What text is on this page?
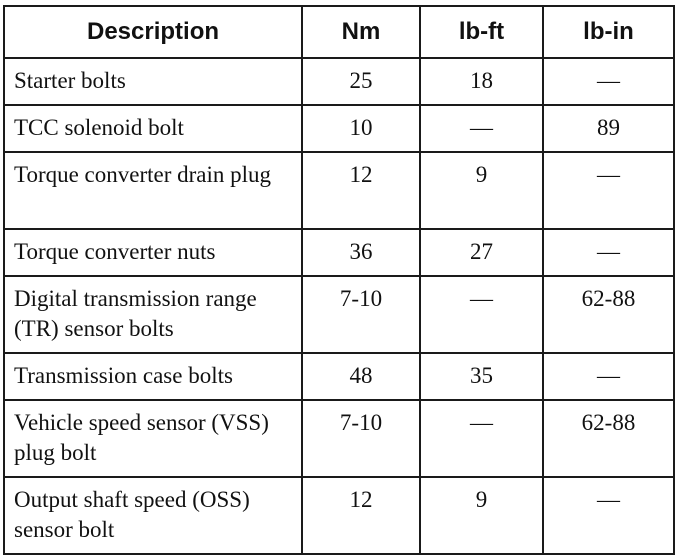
Description	Nm	lb-ft	lb-in
Starter bolts	25	18	—
TCC solenoid bolt	10	—	89
Torque converter drain plug	12	9	—
Torque converter nuts	36	27	—
Digital transmission range (TR) sensor bolts	7-10	—	62-88
Transmission case bolts	48	35	—
Vehicle speed sensor (VSS) plug bolt	7-10	—	62-88
Output shaft speed (OSS) sensor bolt	12	9	—
